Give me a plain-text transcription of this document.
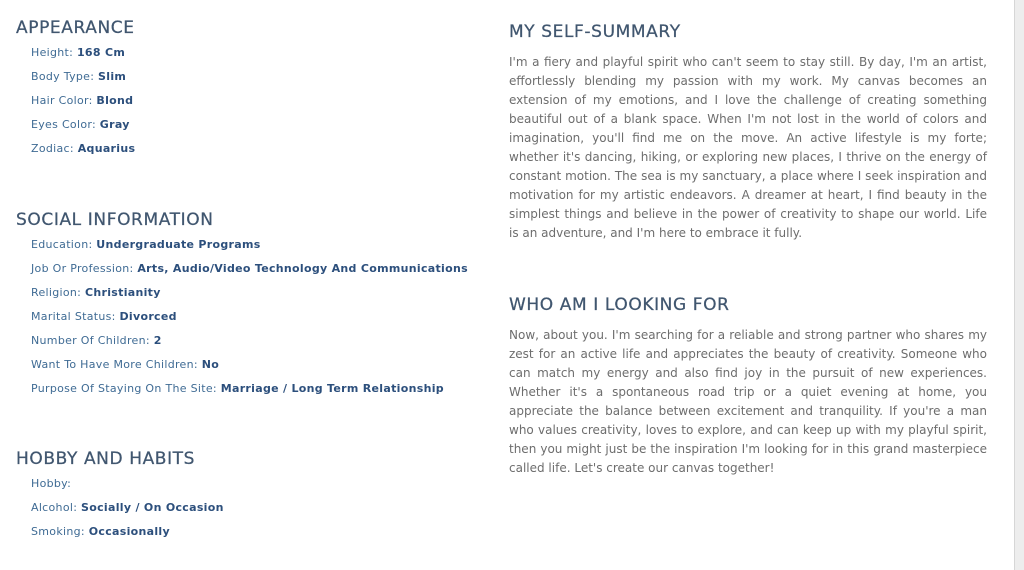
APPEARANCE
Height: 168 Cm
Body Type: Slim
Hair Color: Blond
Eyes Color: Gray
Zodiac: Aquarius
SOCIAL INFORMATION
Education: Undergraduate Programs
Job Or Profession: Arts, Audio/Video Technology And Communications
Religion: Christianity
Marital Status: Divorced
Number Of Children: 2
Want To Have More Children: No
Purpose Of Staying On The Site: Marriage / Long Term Relationship
HOBBY AND HABITS
Hobby:
Alcohol: Socially / On Occasion
Smoking: Occasionally
MY SELF-SUMMARY

I'm a fiery and playful spirit who can't seem to stay still. By day, I'm an artist, effortlessly blending my passion with my work. My canvas becomes an extension of my emotions, and I love the challenge of creating something beautiful out of a blank space. When I'm not lost in the world of colors and imagination, you'll find me on the move. An active lifestyle is my forte; whether it's dancing, hiking, or exploring new places, I thrive on the energy of constant motion. The sea is my sanctuary, a place where I seek inspiration and motivation for my artistic endeavors. A dreamer at heart, I find beauty in the simplest things and believe in the power of creativity to shape our world. Life is an adventure, and I'm here to embrace it fully.

WHO AM I LOOKING FOR

Now, about you. I'm searching for a reliable and strong partner who shares my zest for an active life and appreciates the beauty of creativity. Someone who can match my energy and also find joy in the pursuit of new experiences. Whether it's a spontaneous road trip or a quiet evening at home, you appreciate the balance between excitement and tranquility. If you're a man who values creativity, loves to explore, and can keep up with my playful spirit, then you might just be the inspiration I'm looking for in this grand masterpiece called life. Let's create our canvas together!
